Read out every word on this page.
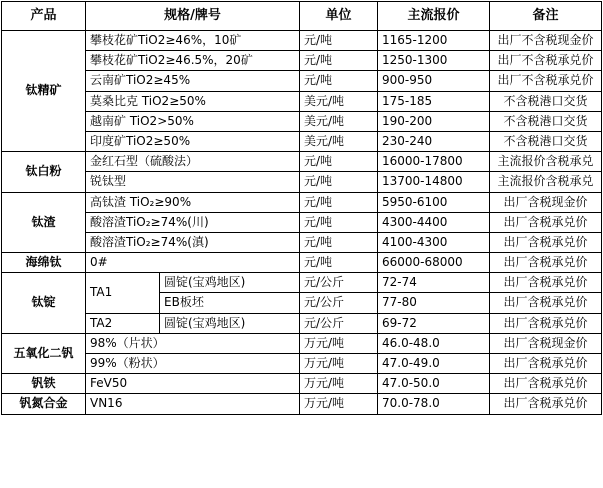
产品	规格/牌号		单位	主流报价	备注
钛精矿	攀枝花矿TiO2≥46%，10矿		元/吨	1165-1200	出厂不含税现金价
	攀枝花矿TiO2≥46.5%，20矿		元/吨	1250-1300	出厂不含税承兑价
	云南矿TiO2≥45%		元/吨	900-950	出厂不含税承兑价
	莫桑比克 TiO2≥50%		美元/吨	175-185	不含税港口交货
	越南矿 TiO2>50%		美元/吨	190-200	不含税港口交货
	印度矿TiO2≥50%		美元/吨	230-240	不含税港口交货
钛白粉	金红石型（硫酸法）		元/吨	16000-17800	主流报价含税承兑
	锐钛型		元/吨	13700-14800	主流报价含税承兑
钛渣	高钛渣 TiO₂≥90%		元/吨	5950-6100	出厂含税现金价
	酸溶渣TiO₂≥74%(川)		元/吨	4300-4400	出厂含税承兑价
	酸溶渣TiO₂≥74%(滇)		元/吨	4100-4300	出厂含税承兑价
海绵钛	0#		元/吨	66000-68000	出厂含税承兑价
钛锭	TA1	圆锭(宝鸡地区)	元/公斤	72-74	出厂含税承兑价
		EB板坯	元/公斤	77-80	出厂含税承兑价
	TA2	圆锭(宝鸡地区)	元/公斤	69-72	出厂含税承兑价
五氧化二钒	98%（片状）		万元/吨	46.0-48.0	出厂含税现金价
	99%（粉状）		万元/吨	47.0-49.0	出厂含税承兑价
钒铁	FeV50		万元/吨	47.0-50.0	出厂含税承兑价
钒氮合金	VN16		万元/吨	70.0-78.0	出厂含税承兑价
